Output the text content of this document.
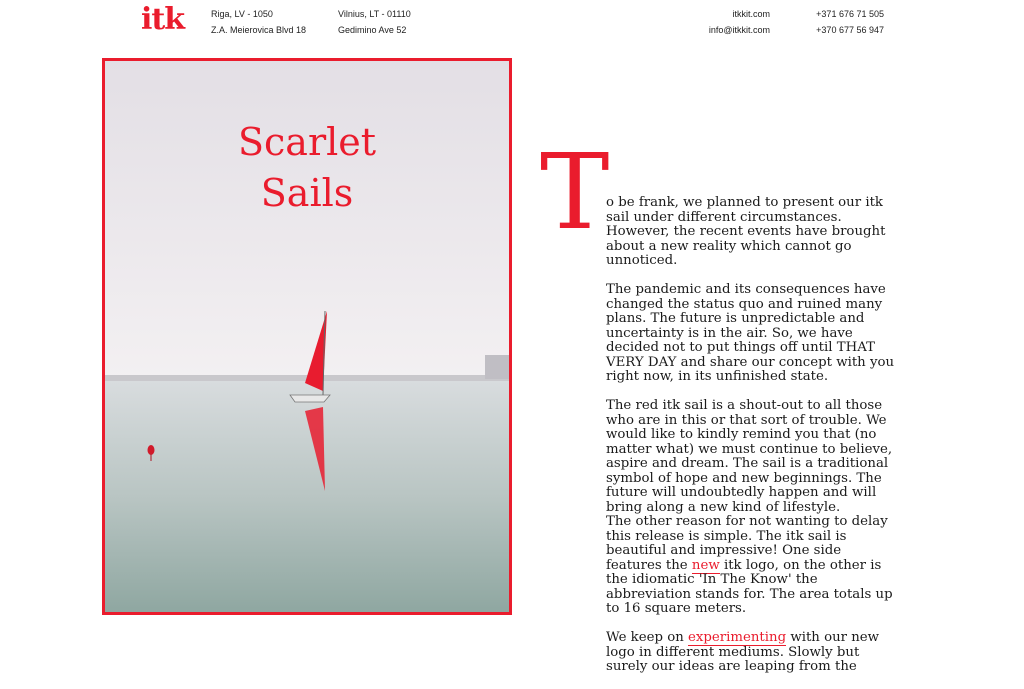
itk	Riga, LV - 1050
Z.A. Meierovica Blvd 18
Vilnius, LT - 01110
Gedimino Ave 52
itkkit.com
info@itkkit.com
+371 676 71 505
+370 677 56 947
Scarlet
Sails	T

o be frank, we planned to present our itk sail under different circumstances. However, the recent events have brought about a new reality which cannot go unnoticed.

The pandemic and its consequences have changed the status quo and ruined many plans. The future is unpredictable and uncertainty is in the air. So, we have decided not to put things off until THAT VERY DAY and share our concept with you right now, in its unfinished state.

The red itk sail is a shout-out to all those who are in this or that sort of trouble. We would like to kindly remind you that (no matter what) we must continue to believe, aspire and dream. The sail is a traditional symbol of hope and new beginnings. The future will undoubtedly happen and will bring along a new kind of lifestyle.

The other reason for not wanting to delay this release is simple. The itk sail is beautiful and impressive! One side features the new itk logo, on the other is the idiomatic 'In The Know' the abbreviation stands for. The area totals up to 16 square meters.

We keep on experimenting with our new logo in different mediums. Slowly but surely our ideas are leaping from the
